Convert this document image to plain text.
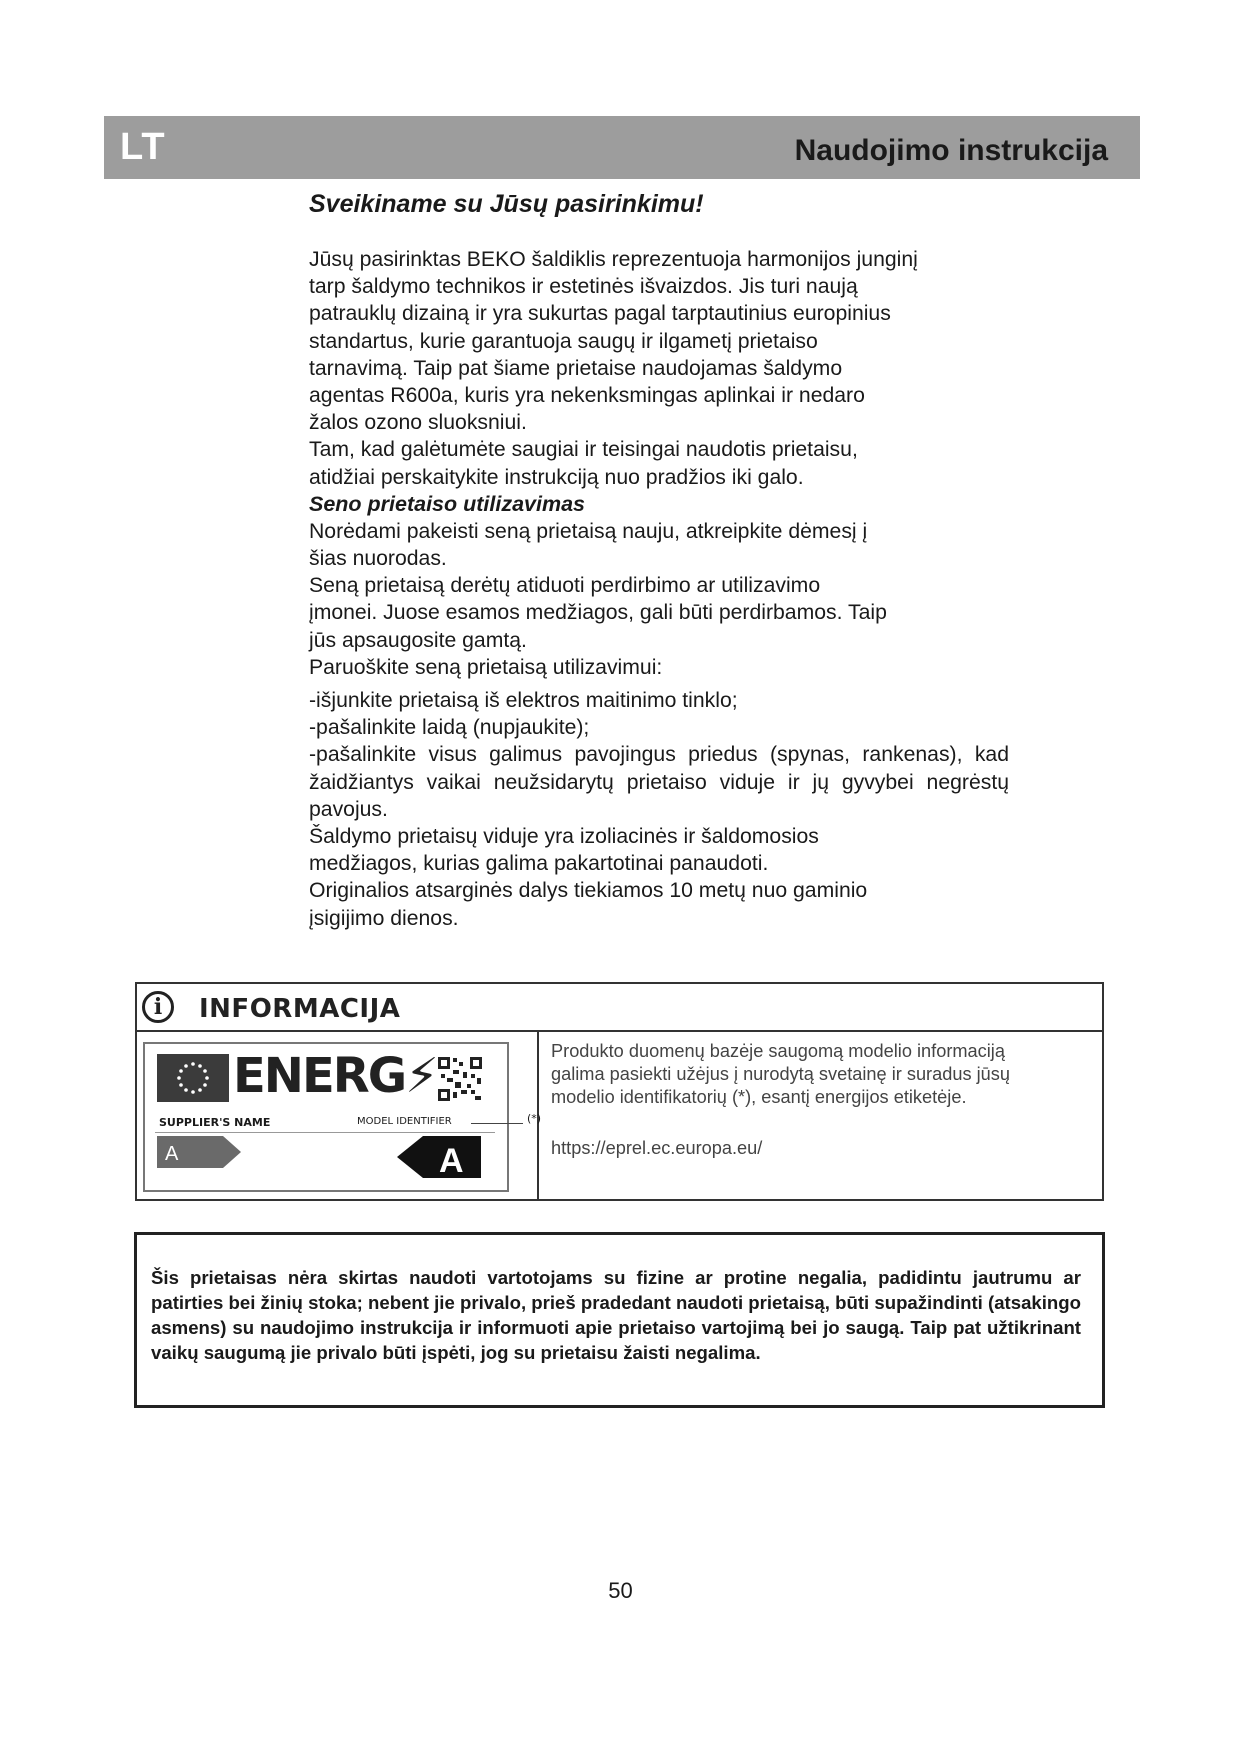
LT	Naudojimo instrukcija
Sveikiname su Jūsų pasirinkimu!

Jūsų pasirinktas BEKO šaldiklis reprezentuoja harmonijos junginį
tarp šaldymo technikos ir estetinės išvaizdos. Jis turi naują
patrauklų dizainą ir yra sukurtas pagal tarptautinius europinius
standartus, kurie garantuoja saugų ir ilgametį prietaiso
tarnavimą. Taip pat šiame prietaise naudojamas šaldymo
agentas R600a, kuris yra nekenksmingas aplinkai ir nedaro
žalos ozono sluoksniui.
Tam, kad galėtumėte saugiai ir teisingai naudotis prietaisu,
atidžiai perskaitykite instrukciją nuo pradžios iki galo.

Seno prietaiso utilizavimas

Norėdami pakeisti seną prietaisą nauju, atkreipkite dėmesį į
šias nuorodas.
Seną prietaisą derėtų atiduoti perdirbimo ar utilizavimo
įmonei. Juose esamos medžiagos, gali būti perdirbamos. Taip
jūs apsaugosite gamtą.
Paruoškite seną prietaisą utilizavimui:

-išjunkite prietaisą iš elektros maitinimo tinklo;
-pašalinkite laidą (nupjaukite);
-pašalinkite visus galimus pavojingus priedus (spynas, rankenas), kad žaidžiantys vaikai neužsidarytų prietaiso viduje ir jų gyvybei negrėstų pavojus.

Šaldymo prietaisų viduje yra izoliacinės ir šaldomosios
medžiagos, kurias galima pakartotinai panaudoti.
Originalios atsarginės dalys tiekiamos 10 metų nuo gaminio
įsigijimo dienos.

i	INFORMACIJA
ENERG⚡
SUPPLIER'S NAME	MODEL IDENTIFIER	(*)
A	A
Produkto duomenų bazėje saugomą modelio informaciją
galima pasiekti užėjus į nurodytą svetainę ir suradus jūsų
modelio identifikatorių (*), esantį energijos etiketėje.
https://eprel.ec.europa.eu/
Šis prietaisas nėra skirtas naudoti vartotojams su fizine ar protine negalia, padidintu jautrumu ar patirties bei žinių stoka; nebent jie privalo, prieš pradedant naudoti prietaisą, būti supažindinti (atsakingo asmens) su naudojimo instrukcija ir informuoti apie prietaiso vartojimą bei jo saugą. Taip pat užtikrinant vaikų saugumą jie privalo būti įspėti, jog su prietaisu žaisti negalima.
50
